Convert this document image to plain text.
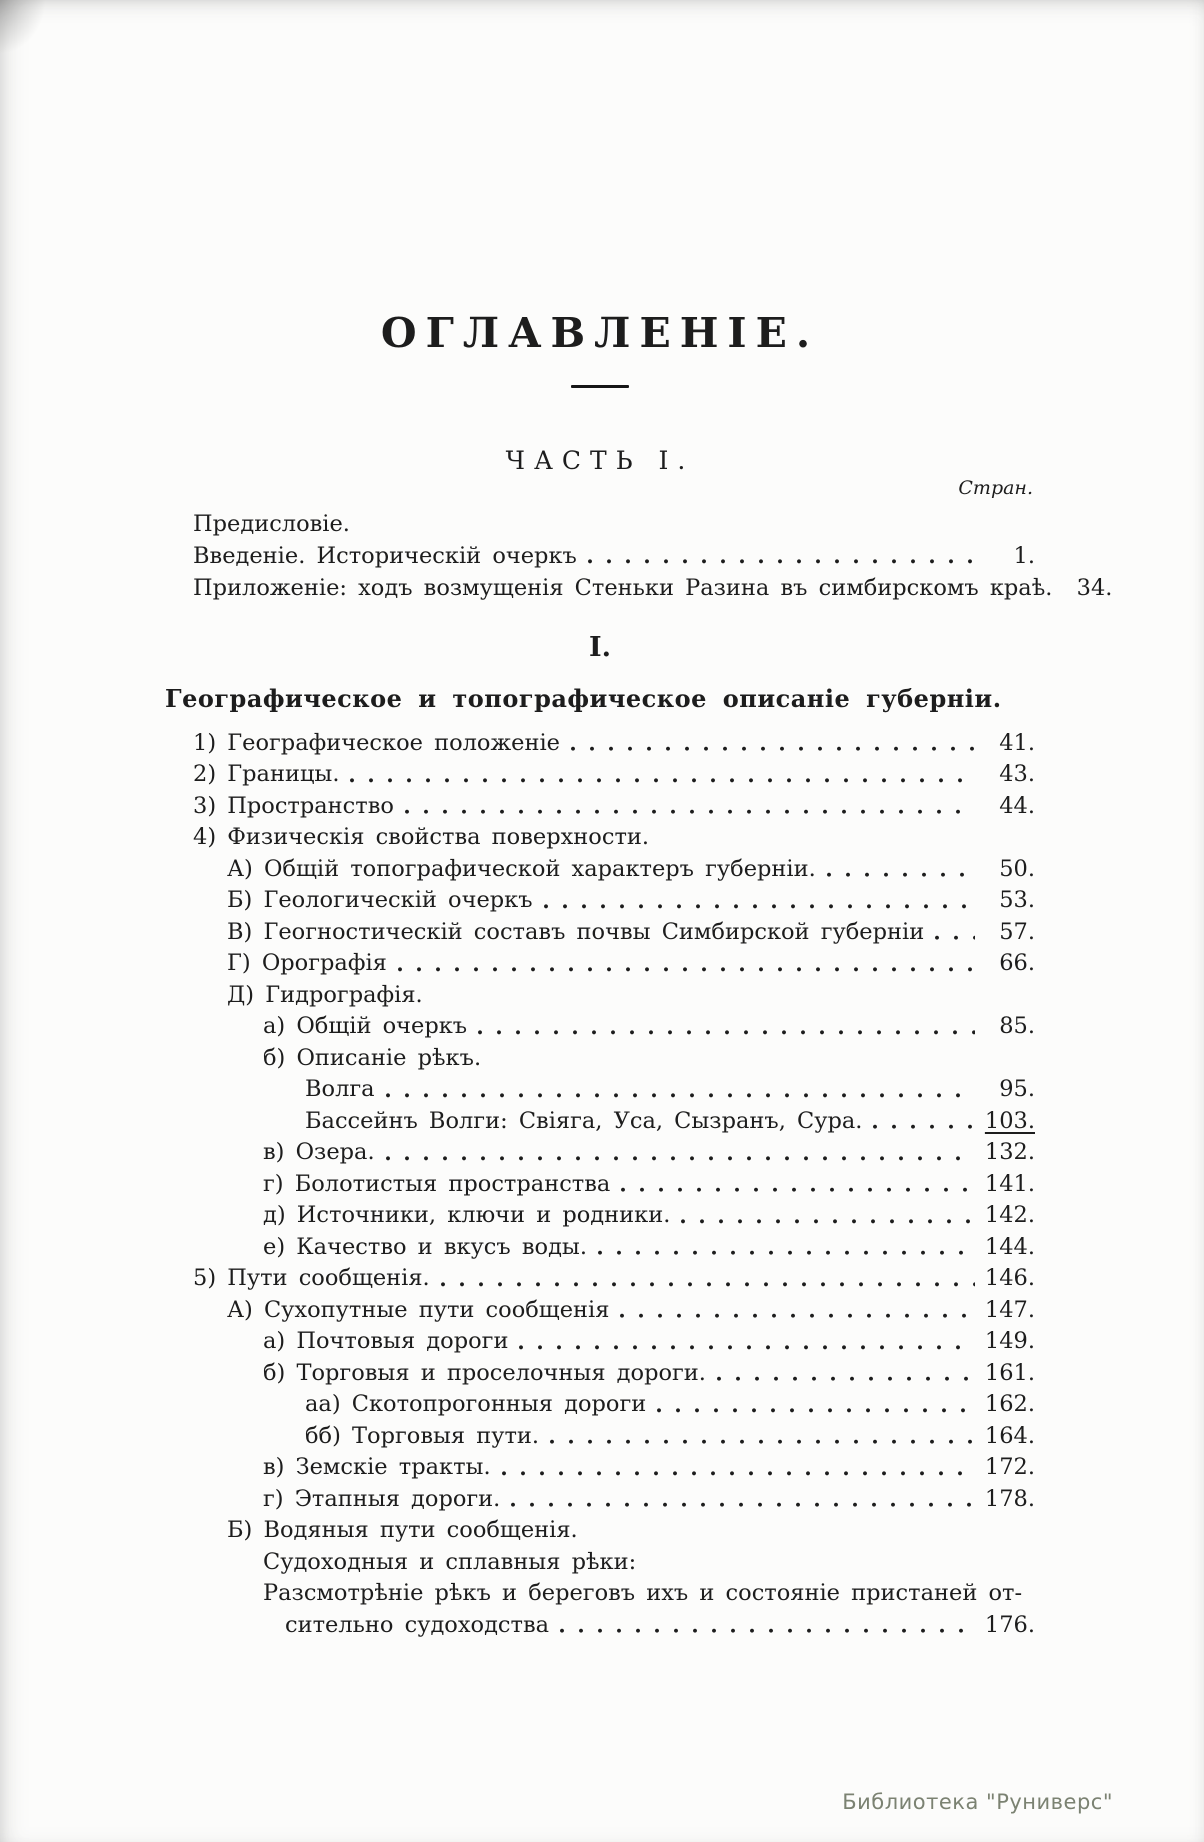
ОГЛАВЛЕНІЕ.
ЧАСТЬ I.
Стран.
Предисловіе.
Введеніе. Историческій очеркъ	1.
Приложеніе: ходъ возмущенія Стеньки Разина въ симбирскомъ краѣ.	34.
I.
Географическое и топографическое описаніе губерніи.
1) Географическое положеніе	41.
2) Границы.	43.
3) Пространство	44.
4) Физическія свойства поверхности.
А) Общій топографической характеръ губерніи.	50.
Б) Геологическій очеркъ	53.
В) Геогностическій составъ почвы Симбирской губерніи	57.
Г) Орографія	66.
Д) Гидрографія.
а) Общій очеркъ	85.
б) Описаніе рѣкъ.
Волга	95.
Бассейнъ Волги: Свіяга, Уса, Сызранъ, Сура.	103.
в) Озера.	132.
г) Болотистыя пространства	141.
д) Источники, ключи и родники.	142.
е) Качество и вкусъ воды.	144.
5) Пути сообщенія.	146.
А) Сухопутные пути сообщенія	147.
а) Почтовыя дороги	149.
б) Торговыя и проселочныя дороги.	161.
аа) Скотопрогонныя дороги	162.
бб) Торговыя пути.	164.
в) Земскіе тракты.	172.
г) Этапныя дороги.	178.
Б) Водяныя пути сообщенія.
Судоходныя и сплавныя рѣки:
Разсмотрѣніе рѣкъ и береговъ ихъ и состояніе пристаней от-
сительно судоходства	176.
Библиотека "Руниверс"
